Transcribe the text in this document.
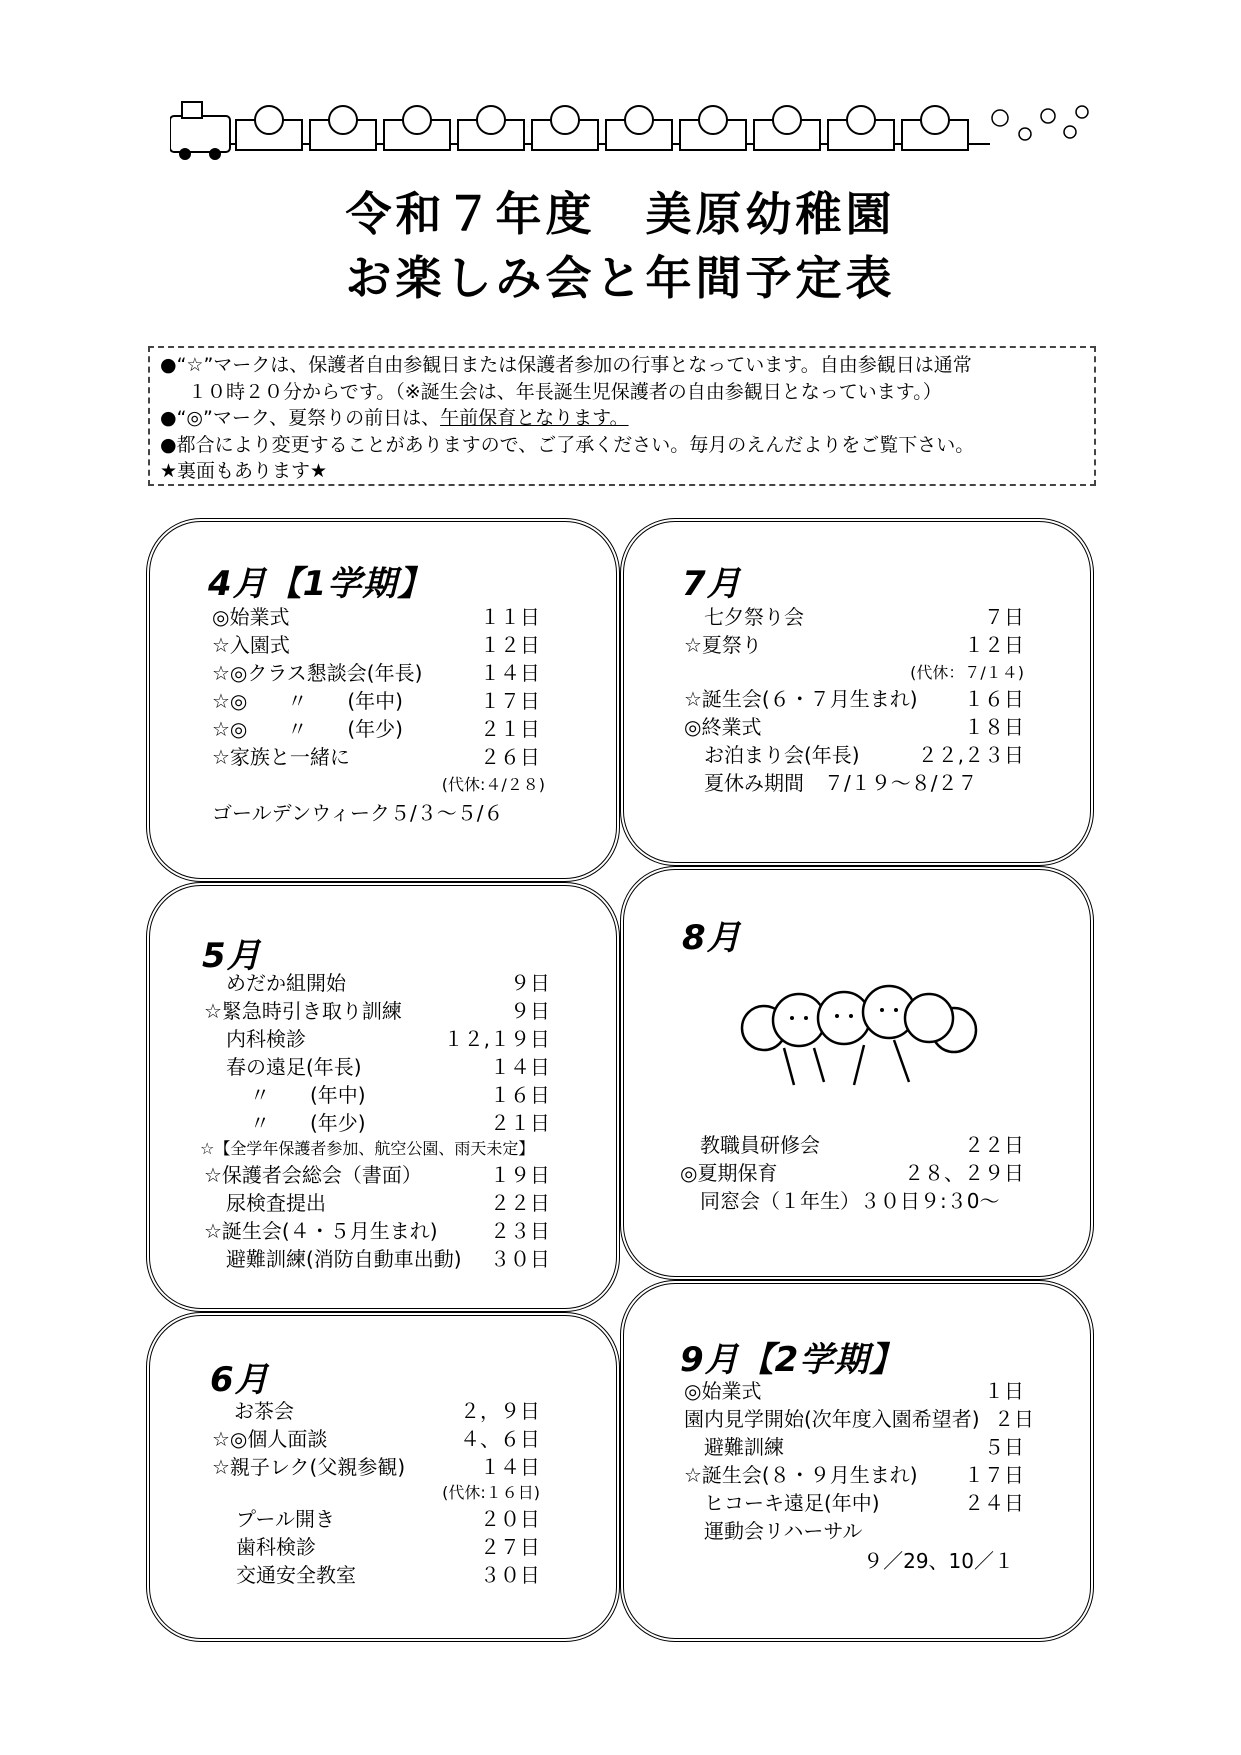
令和７年度　美原幼稚園
お楽しみ会と年間予定表
●“☆”マークは、保護者自由参観日または保護者参加の行事となっています。自由参観日は通常
１０時２０分からです。（※誕生会は、年長誕生児保護者の自由参観日となっています。）
●“◎”マーク、夏祭りの前日は、午前保育となります。
●都合により変更することがありますので、ご了承ください。毎月のえんだよりをご覧下さい。
★裏面もあります★
4月【1学期】
◎始業式	１１日
☆入園式	１２日
☆◎クラス懇談会(年長)	１４日
☆◎　　〃　　(年中)	１７日
☆◎　　〃　　(年少)	２１日
☆家族と一緒に	２６日
(代休:４/２８)
ゴールデンウィーク５/３～５/６
7月
七夕祭り会	７日
☆夏祭り	１２日
(代休：７/１４)
☆誕生会(６・７月生まれ)	１６日
◎終業式	１８日
お泊まり会(年長)	２２,２３日
夏休み期間　７/１９～８/２７
5月
めだか組開始	９日
☆緊急時引き取り訓練	９日
内科検診	１２,１９日
春の遠足(年長)	１４日
〃　　(年中)	１６日
〃　　(年少)	２１日
☆【全学年保護者参加、航空公園、雨天未定】
☆保護者会総会（書面）	１９日
尿検査提出	２２日
☆誕生会(４・５月生まれ)	２３日
避難訓練(消防自動車出動)	３０日
8月
教職員研修会	２２日
◎夏期保育	２８、２９日
同窓会（１年生）３０日９:３0～
6月
お茶会	２，９日
☆◎個人面談	４、６日
☆親子レク(父親参観)	１４日
(代休:１６日)
プール開き	２０日
歯科検診	２７日
交通安全教室	３０日
9月【2学期】
◎始業式	１日
園内見学開始(次年度入園希望者) ２日
避難訓練	５日
☆誕生会(８・９月生まれ)	１７日
ヒコーキ遠足(年中)	２４日
運動会リハーサル
９／29、10／１
